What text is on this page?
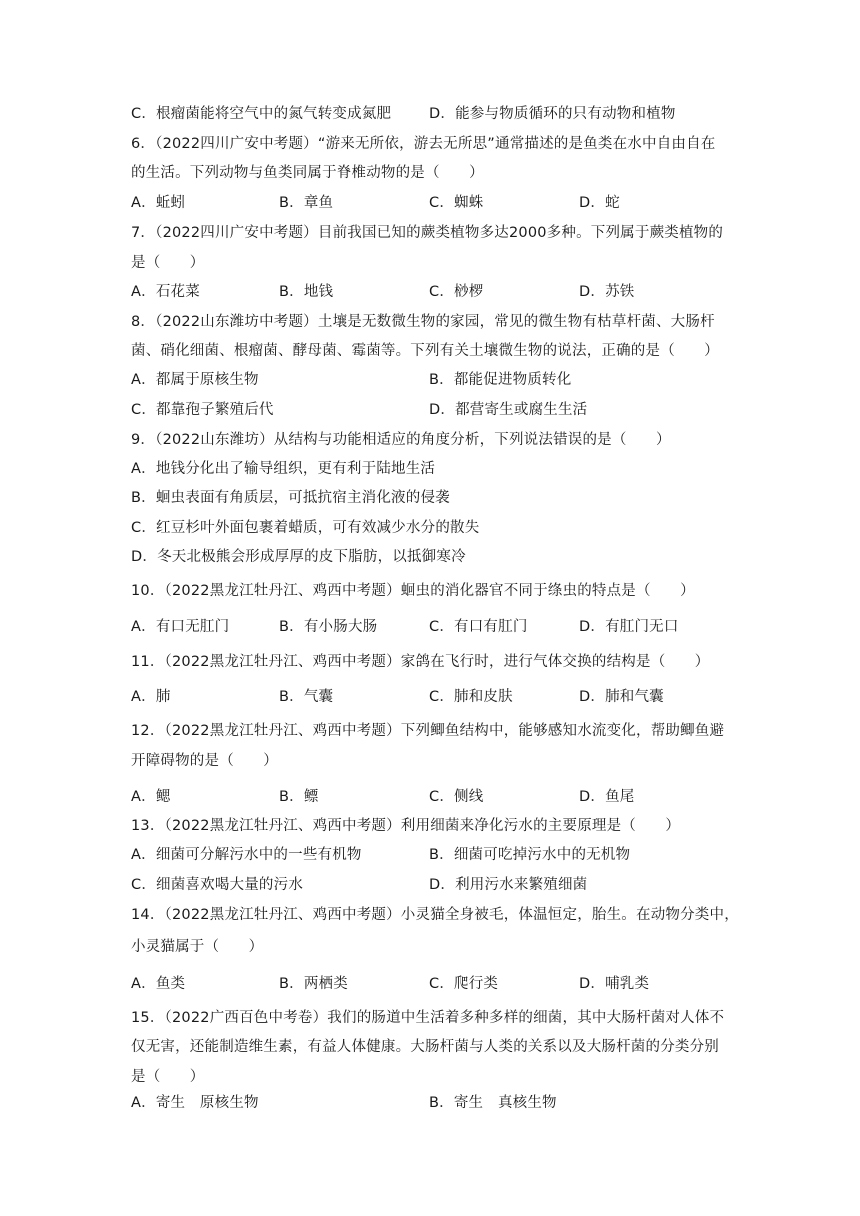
C．根瘤菌能将空气中的氮气转变成氮肥	D．能参与物质循环的只有动物和植物
6．（2022四川广安中考题）“游来无所依，游去无所思”通常描述的是鱼类在水中自由自在
的生活。下列动物与鱼类同属于脊椎动物的是（　　）
A．蚯蚓	B．章鱼	C．蜘蛛	D．蛇
7．（2022四川广安中考题）目前我国已知的蕨类植物多达2000多种。下列属于蕨类植物的
是（　　）
A．石花菜	B．地钱	C．桫椤	D．苏铁
8．（2022山东潍坊中考题）土壤是无数微生物的家园，常见的微生物有枯草杆菌、大肠杆
菌、硝化细菌、根瘤菌、酵母菌、霉菌等。下列有关土壤微生物的说法，正确的是（　　）
A．都属于原核生物	B．都能促进物质转化
C．都靠孢子繁殖后代	D．都营寄生或腐生生活
9．（2022山东潍坊）从结构与功能相适应的角度分析，下列说法错误的是（　　）
A．地钱分化出了输导组织，更有利于陆地生活
B．蛔虫表面有角质层，可抵抗宿主消化液的侵袭
C．红豆杉叶外面包裹着蜡质，可有效减少水分的散失
D．冬天北极熊会形成厚厚的皮下脂肪，以抵御寒冷
10．（2022黑龙江牡丹江、鸡西中考题）蛔虫的消化器官不同于绦虫的特点是（　　）
A．有口无肛门	B．有小肠大肠	C．有口有肛门	D．有肛门无口
11．（2022黑龙江牡丹江、鸡西中考题）家鸽在飞行时，进行气体交换的结构是（　　）
A．肺	B．气囊	C．肺和皮肤	D．肺和气囊
12．（2022黑龙江牡丹江、鸡西中考题）下列鲫鱼结构中，能够感知水流变化，帮助鲫鱼避
开障碍物的是（　　）
A．鳃	B．鳔	C．侧线	D．鱼尾
13．（2022黑龙江牡丹江、鸡西中考题）利用细菌来净化污水的主要原理是（　　）
A．细菌可分解污水中的一些有机物	B．细菌可吃掉污水中的无机物
C．细菌喜欢喝大量的污水	D．利用污水来繁殖细菌
14．（2022黑龙江牡丹江、鸡西中考题）小灵猫全身被毛，体温恒定，胎生。在动物分类中，
小灵猫属于（　　）
A．鱼类	B．两栖类	C．爬行类	D．哺乳类
15．（2022广西百色中考卷）我们的肠道中生活着多种多样的细菌，其中大肠杆菌对人体不
仅无害，还能制造维生素，有益人体健康。大肠杆菌与人类的关系以及大肠杆菌的分类分别
是（　　）
A．寄生　原核生物	B．寄生　真核生物
